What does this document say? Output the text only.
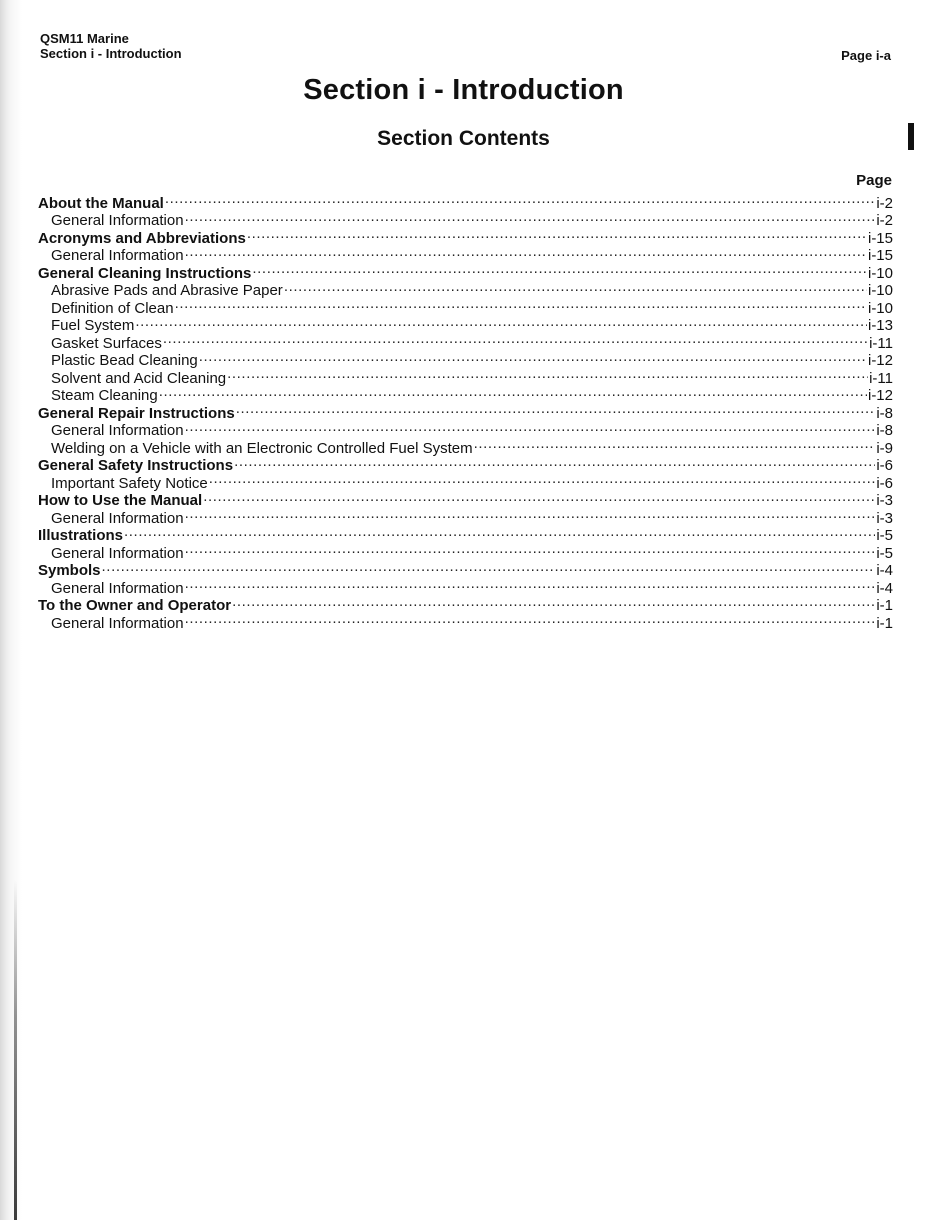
QSM11 Marine
Section i - Introduction	Page i-a
Section i - Introduction
Section Contents
Page
About the Manual .....	i-2
General Information .....	i-2
Acronyms and Abbreviations .....	i-15
General Information .....	i-15
General Cleaning Instructions .....	i-10
Abrasive Pads and Abrasive Paper .....	i-10
Definition of Clean .....	i-10
Fuel System .....	i-13
Gasket Surfaces .....	i-11
Plastic Bead Cleaning .....	i-12
Solvent and Acid Cleaning .....	i-11
Steam Cleaning .....	i-12
General Repair Instructions .....	i-8
General Information .....	i-8
Welding on a Vehicle with an Electronic Controlled Fuel System .....	i-9
General Safety Instructions .....	i-6
Important Safety Notice .....	i-6
How to Use the Manual .....	i-3
General Information .....	i-3
Illustrations .....	i-5
General Information .....	i-5
Symbols .....	i-4
General Information .....	i-4
To the Owner and Operator .....	i-1
General Information .....	i-1
